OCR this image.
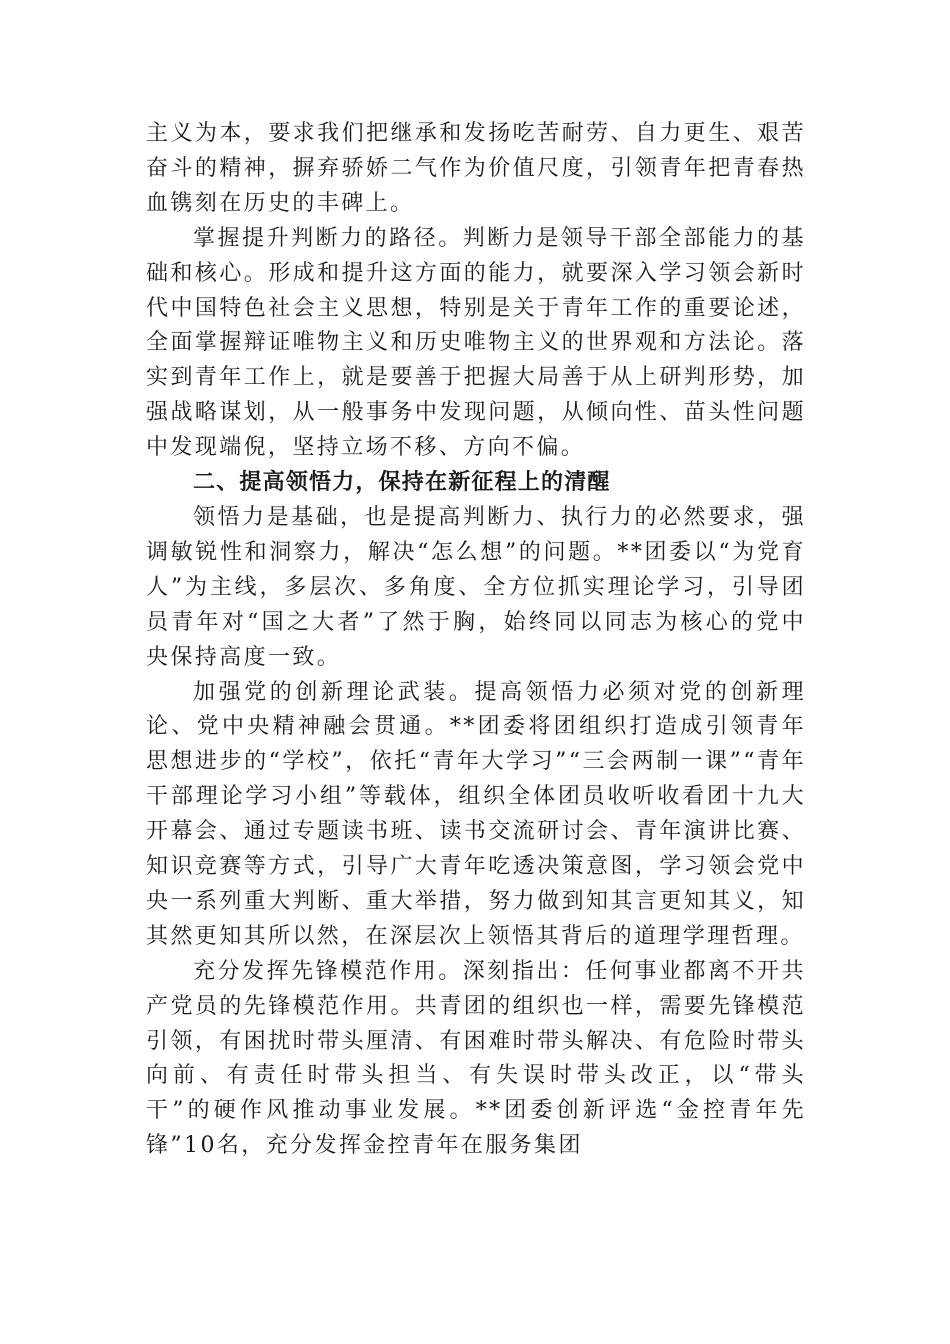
主义为本，要求我们把继承和发扬吃苦耐劳、自力更生、艰苦奋斗的精神，摒弃骄娇二气作为价值尺度，引领青年把青春热血镌刻在历史的丰碑上。

掌握提升判断力的路径。判断力是领导干部全部能力的基础和核心。形成和提升这方面的能力，就要深入学习领会新时代中国特色社会主义思想，特别是关于青年工作的重要论述，全面掌握辩证唯物主义和历史唯物主义的世界观和方法论。落实到青年工作上，就是要善于把握大局善于从上研判形势，加强战略谋划，从一般事务中发现问题，从倾向性、苗头性问题中发现端倪，坚持立场不移、方向不偏。

二、提高领悟力，保持在新征程上的清醒

领悟力是基础，也是提高判断力、执行力的必然要求，强调敏锐性和洞察力，解决“怎么想”的问题。**团委以“为党育人”为主线，多层次、多角度、全方位抓实理论学习，引导团员青年对“国之大者”了然于胸，始终同以同志为核心的党中央保持高度一致。

加强党的创新理论武装。提高领悟力必须对党的创新理论、党中央精神融会贯通。**团委将团组织打造成引领青年思想进步的“学校”，依托“青年大学习”“三会两制一课”“青年干部理论学习小组”等载体，组织全体团员收听收看团十九大开幕会、通过专题读书班、读书交流研讨会、青年演讲比赛、知识竞赛等方式，引导广大青年吃透决策意图，学习领会党中央一系列重大判断、重大举措，努力做到知其言更知其义，知其然更知其所以然，在深层次上领悟其背后的道理学理哲理。

充分发挥先锋模范作用。深刻指出：任何事业都离不开共产党员的先锋模范作用。共青团的组织也一样，需要先锋模范引领，有困扰时带头厘清、有困难时带头解决、有危险时带头向前、有责任时带头担当、有失误时带头改正，以“带头干”的硬作风推动事业发展。**团委创新评选“金控青年先锋”10名，充分发挥金控青年在服务集团
